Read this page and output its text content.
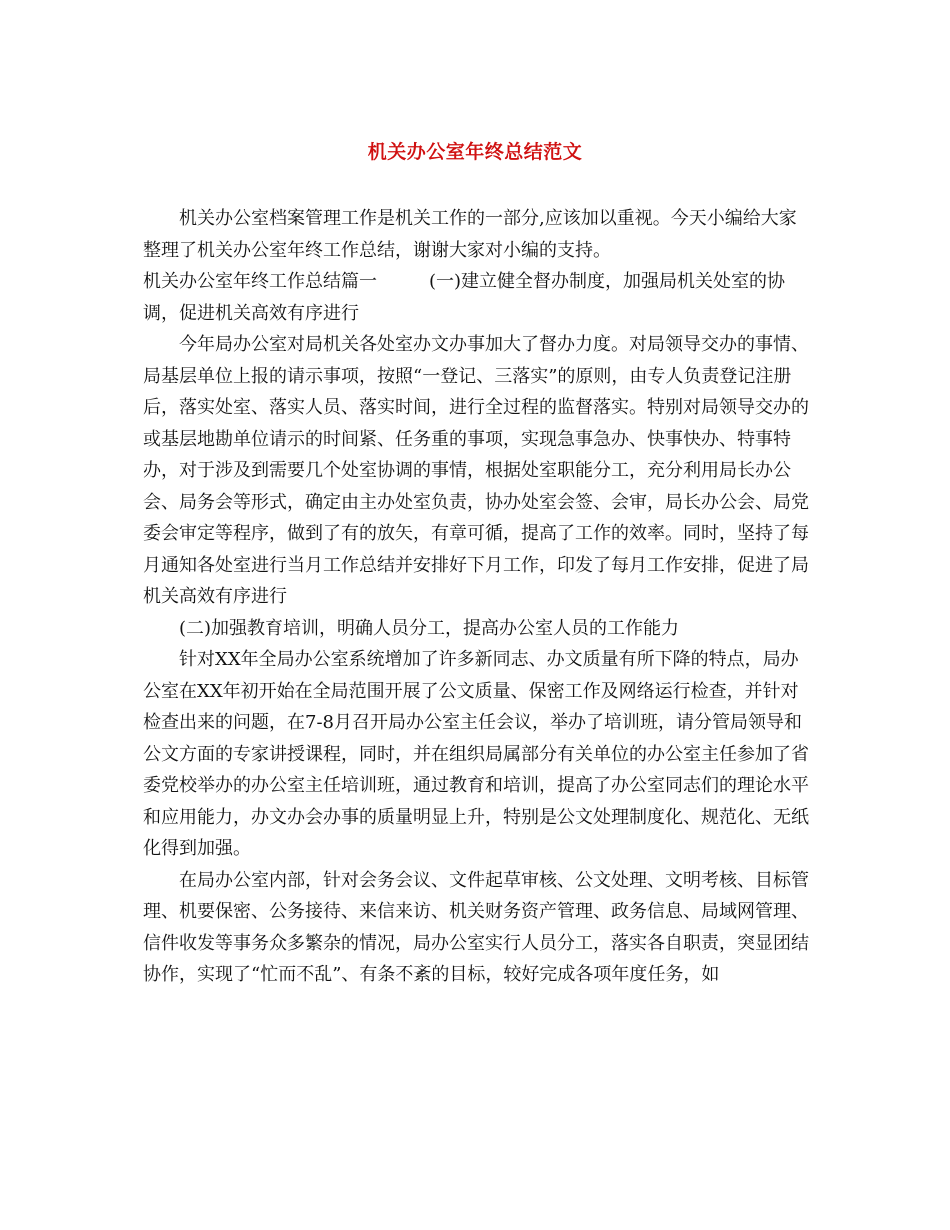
机关办公室年终总结范文

机关办公室档案管理工作是机关工作的一部分,应该加以重视。今天小编给大家整理了机关办公室年终工作总结，谢谢大家对小编的支持。

机关办公室年终工作总结篇一	(一)建立健全督办制度，加强局机关处室的协调，促进机关高效有序进行

今年局办公室对局机关各处室办文办事加大了督办力度。对局领导交办的事情、局基层单位上报的请示事项，按照“一登记、三落实”的原则，由专人负责登记注册后，落实处室、落实人员、落实时间，进行全过程的监督落实。特别对局领导交办的或基层地勘单位请示的时间紧、任务重的事项，实现急事急办、快事快办、特事特办，对于涉及到需要几个处室协调的事情，根据处室职能分工，充分利用局长办公会、局务会等形式，确定由主办处室负责，协办处室会签、会审，局长办公会、局党委会审定等程序，做到了有的放矢，有章可循，提高了工作的效率。同时，坚持了每月通知各处室进行当月工作总结并安排好下月工作，印发了每月工作安排，促进了局机关高效有序进行

(二)加强教育培训，明确人员分工，提高办公室人员的工作能力

针对XX年全局办公室系统增加了许多新同志、办文质量有所下降的特点，局办公室在XX年初开始在全局范围开展了公文质量、保密工作及网络运行检查，并针对检查出来的问题，在7-8月召开局办公室主任会议，举办了培训班，请分管局领导和公文方面的专家讲授课程，同时，并在组织局属部分有关单位的办公室主任参加了省委党校举办的办公室主任培训班，通过教育和培训，提高了办公室同志们的理论水平和应用能力，办文办会办事的质量明显上升，特别是公文处理制度化、规范化、无纸化得到加强。

在局办公室内部，针对会务会议、文件起草审核、公文处理、文明考核、目标管理、机要保密、公务接待、来信来访、机关财务资产管理、政务信息、局域网管理、信件收发等事务众多繁杂的情况，局办公室实行人员分工，落实各自职责，突显团结协作，实现了“忙而不乱”、有条不紊的目标，较好完成各项年度任务，如
